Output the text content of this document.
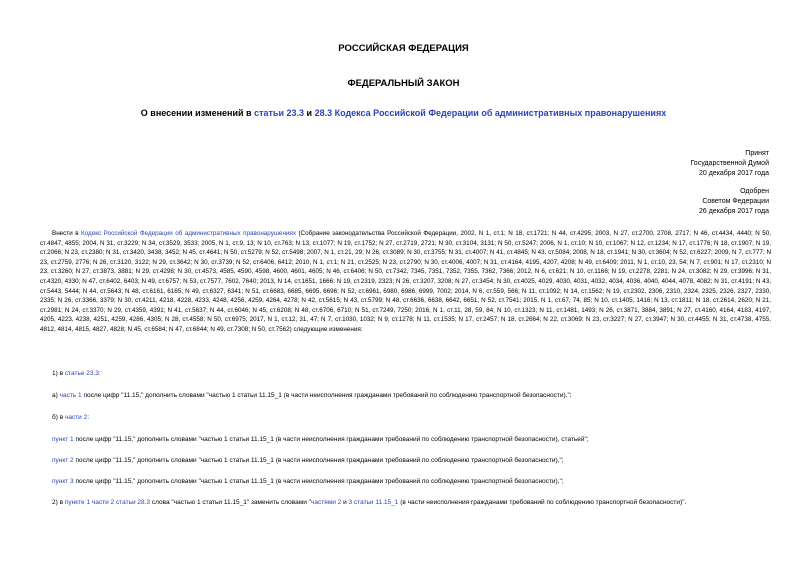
РОССИЙСКАЯ ФЕДЕРАЦИЯ
ФЕДЕРАЛЬНЫЙ ЗАКОН
О внесении изменений в статьи 23.3 и 28.3 Кодекса Российской Федерации об административных правонарушениях
Принят
Государственной Думой
20 декабря 2017 года
Одобрен
Советом Федерации
26 декабря 2017 года

Внести в Кодекс Российской Федерации об административных правонарушениях (Собрание законодательства Российской Федерации, 2002, N 1, ст.1; N 18, ст.1721; N 44, ст.4295; 2003, N 27, ст.2700, 2708, 2717; N 46, ст.4434, 4440; N 50, ст.4847, 4855; 2004, N 31, ст.3229; N 34, ст.3529, 3533; 2005, N 1, ст.9, 13; N 10, ст.763; N 13, ст.1077; N 19, ст.1752; N 27, ст.2719, 2721; N 30, ст.3104, 3131; N 50, ст.5247; 2006, N 1, ст.10; N 10, ст.1067; N 12, ст.1234; N 17, ст.1776; N 18, ст.1907; N 19, ст.2066; N 23, ст.2380; N 31, ст.3420, 3438, 3452; N 45, ст.4641; N 50, ст.5279; N 52, ст.5498; 2007, N 1, ст.21, 29; N 26, ст.3089; N 30, ст.3755; N 31, ст.4007; N 41, ст.4845; N 43, ст.5084; 2008, N 18, ст.1941; N 30, ст.3604; N 52, ст.6227; 2009, N 7, ст.777; N 23, ст.2759, 2776; N 26, ст.3120, 3122; N 29, ст.3642; N 30, ст.3739; N 52, ст.6406, 6412; 2010, N 1, ст.1; N 21, ст.2525; N 23, ст.2790; N 30, ст.4006, 4007; N 31, ст.4164, 4195, 4207, 4208; N 49, ст.6409; 2011, N 1, ст.10, 23, 54; N 7, ст.901; N 17, ст.2310; N 23, ст.3260; N 27, ст.3873, 3881; N 29, ст.4298; N 30, ст.4573, 4585, 4590, 4598, 4600, 4601, 4605; N 46, ст.6406; N 50, ст.7342, 7345, 7351, 7352, 7355, 7362, 7366; 2012, N 6, ст.621; N 10, ст.1166; N 19, ст.2278, 2281; N 24, ст.3082; N 29, ст.3996; N 31, ст.4320, 4330; N 47, ст.6402, 6403; N 49, ст.6757; N 53, ст.7577, 7602, 7640; 2013, N 14, ст.1651, 1666; N 19, ст.2319, 2323; N 26, ст.3207, 3208; N 27, ст.3454; N 30, ст.4025, 4029, 4030, 4031, 4032, 4034, 4036, 4040, 4044, 4078, 4082; N 31, ст.4191; N 43, ст.5443, 5444; N 44, ст.5643; N 48, ст.6161, 6165; N 49, ст.6327, 6341; N 51, ст.6683, 6685, 6695, 6696; N 52, ст.6961, 6980, 6986, 6999, 7002; 2014, N 6, ст.559, 566; N 11, ст.1092; N 14, ст.1562; N 19, ст.2302, 2306, 2310, 2324, 2325, 2326, 2327, 2330, 2335; N 26, ст.3366, 3379; N 30, ст.4211, 4218, 4228, 4233, 4248, 4256, 4259, 4264, 4278; N 42, ст.5615; N 43, ст.5799; N 48, ст.6636, 6638, 6642, 6651; N 52, ст.7541; 2015, N 1, ст.67, 74, 85; N 10, ст.1405, 1416; N 13, ст.1811; N 18, ст.2614, 2620; N 21, ст.2981; N 24, ст.3370; N 29, ст.4359, 4391; N 41, ст.5637; N 44, ст.6046; N 45, ст.6208; N 48, ст.6706, 6710; N 51, ст.7249, 7250; 2016, N 1, ст.11, 28, 59, 84; N 10, ст.1323; N 11, ст.1481, 1493; N 26, ст.3871, 3884, 3891; N 27, ст.4160, 4164, 4183, 4197, 4205, 4223, 4238, 4251, 4259, 4286, 4305; N 28, ст.4558; N 50, ст.6975; 2017, N 1, ст.12, 31, 47; N 7, ст.1030, 1032; N 9, ст.1278; N 11, ст.1535; N 17, ст.2457; N 18, ст.2664; N 22, ст.3069; N 23, ст.3227; N 27, ст.3947; N 30, ст.4455; N 31, ст.4738, 4755, 4812, 4814, 4815, 4827, 4828; N 45, ст.6584; N 47, ст.6844; N 49, ст.7308; N 50, ст.7562) следующие изменения:

1) в статье 23.3:
а) часть 1 после цифр "11.15," дополнить словами "частью 1 статьи 11.15_1 (в части неисполнения гражданами требований по соблюдению транспортной безопасности),";
б) в части 2:
пункт 1 после цифр "11.15," дополнить словами "частью 1 статьи 11.15_1 (в части неисполнения гражданами требований по соблюдению транспортной безопасности), статьей";
пункт 2 после цифр "11.15," дополнить словами "частью 1 статьи 11.15_1 (в части неисполнения гражданами требований по соблюдению транспортной безопасности),";
пункт 3 после цифр "11.15," дополнить словами "частью 1 статьи 11.15_1 (в части неисполнения гражданами требований по соблюдению транспортной безопасности),";
2) в пункте 1 части 2 статьи 28.3 слова "частью 1 статьи 11.15_1" заменить словами "частями 2 и 3 статьи 11.15_1 (в части неисполнения гражданами требований по соблюдению транспортной безопасности)".
